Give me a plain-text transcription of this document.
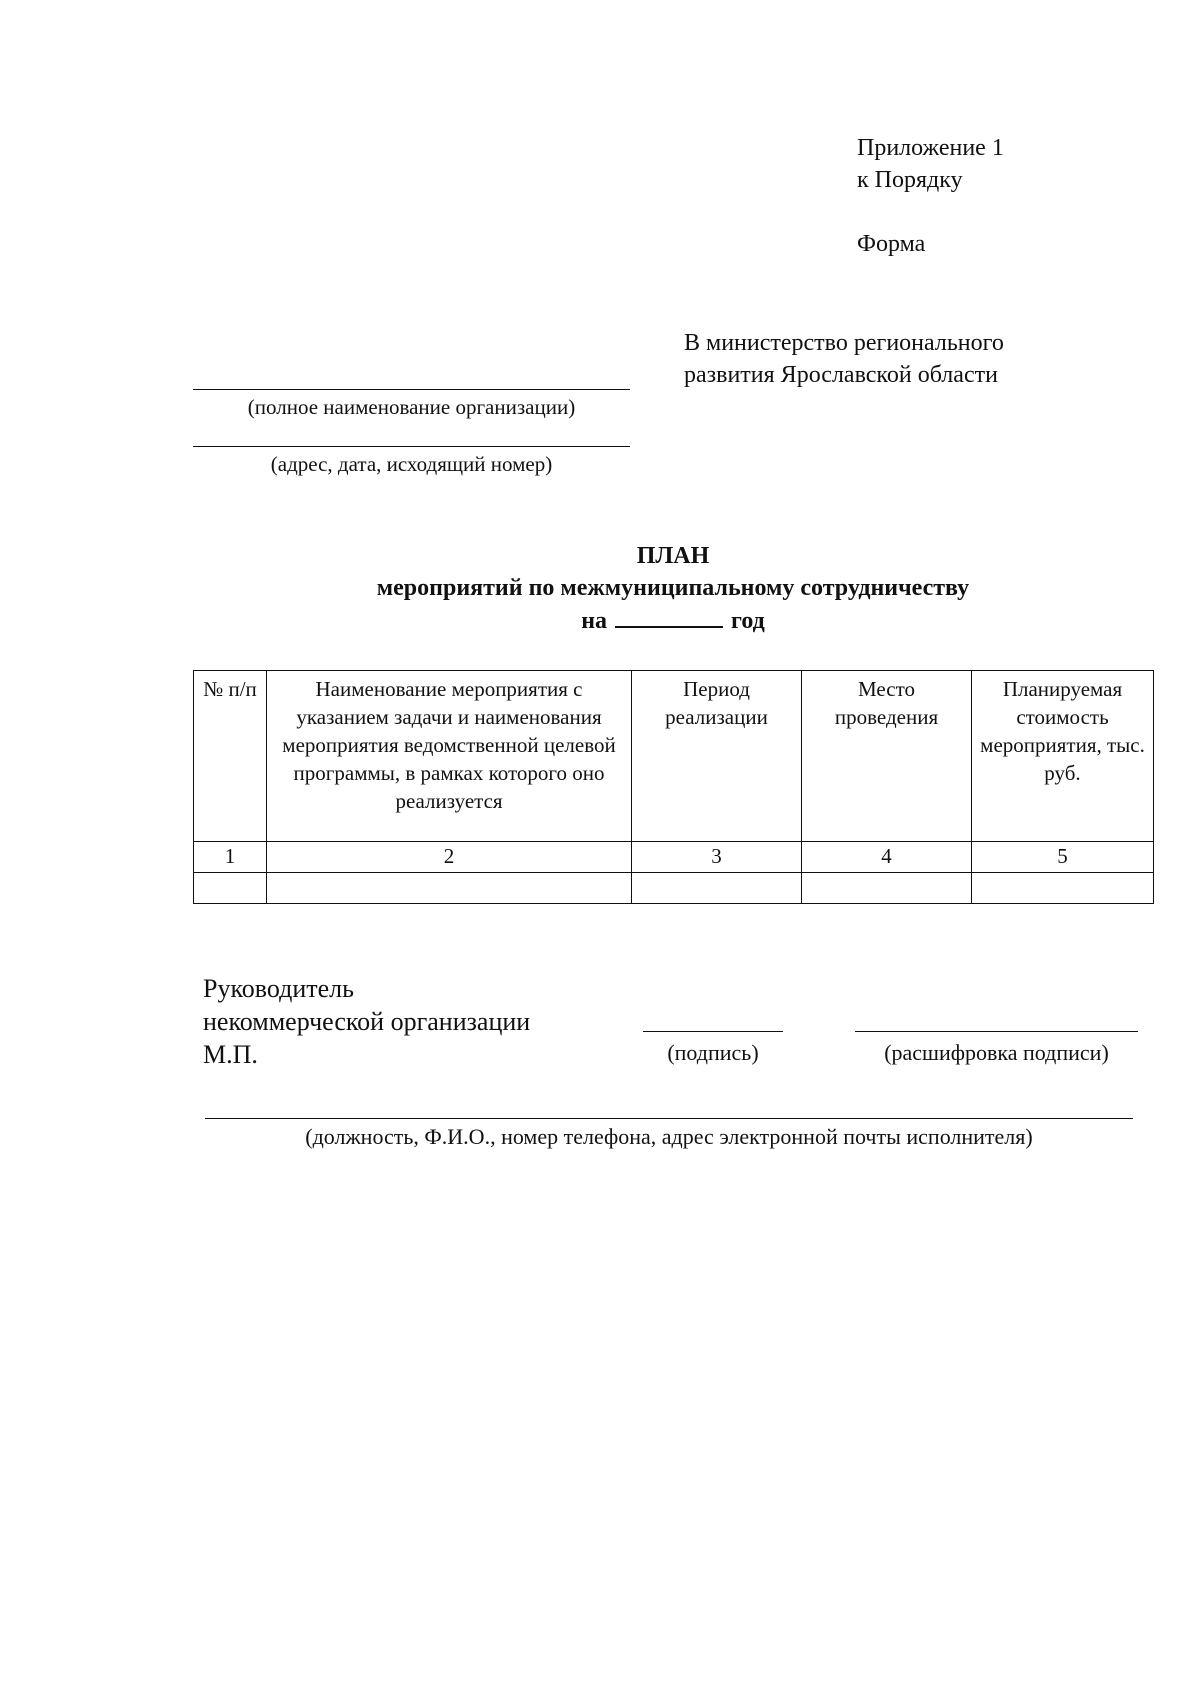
Приложение 1
к Порядку
Форма
В министерство регионального
развития Ярославской области
(полное наименование организации)
(адрес, дата, исходящий номер)
ПЛАН
мероприятий по межмуниципальному сотрудничеству
на	год
№ п/п	Наименование мероприятия с указанием задачи и наименования мероприятия ведомственной целевой программы, в рамках которого оно реализуется	Период реализации	Место проведения	Планируемая стоимость мероприятия, тыс. руб.
1	2	3	4	5

Руководитель
некоммерческой организации
М.П.	(подпись)	(расшифровка подписи)
(должность, Ф.И.О., номер телефона, адрес электронной почты исполнителя)
